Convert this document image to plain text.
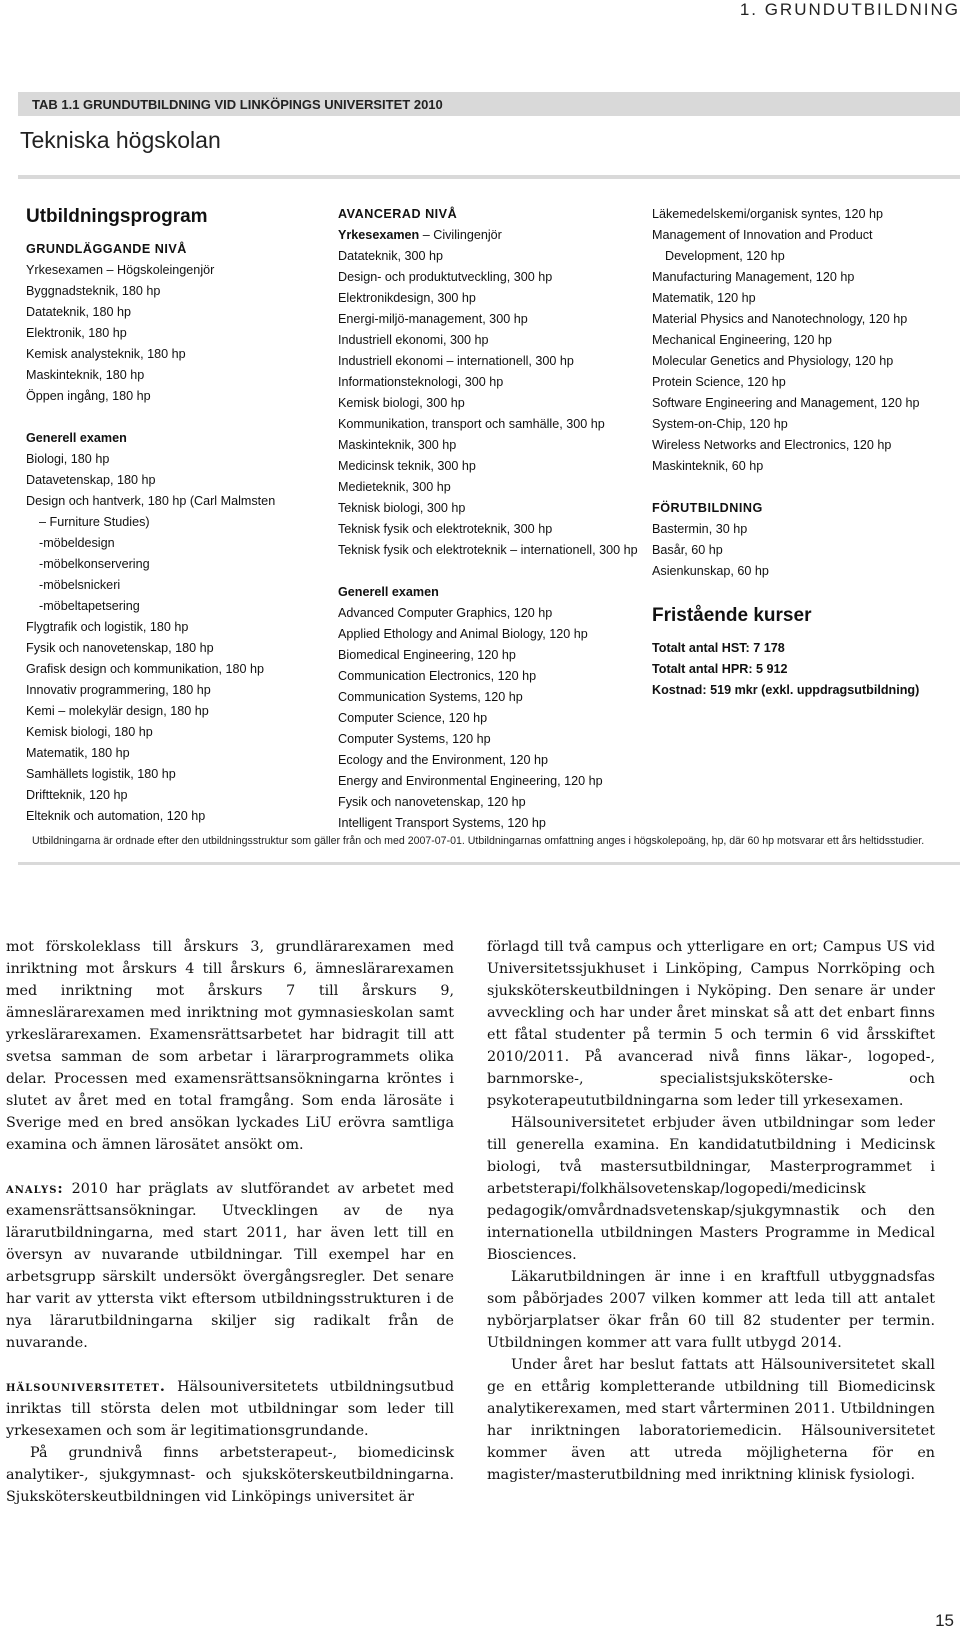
1. GRUNDUTBILDNING
TAB 1.1 GRUNDUTBILDNING VID LINKÖPINGS UNIVERSITET 2010
Tekniska högskolan
Utbildningsprogram
GRUNDLÄGGANDE NIVÅ
Yrkesexamen – Högskoleingenjör
Byggnadsteknik, 180 hp
Datateknik, 180 hp
Elektronik, 180 hp
Kemisk analysteknik, 180 hp
Maskinteknik, 180 hp
Öppen ingång, 180 hp
Generell examen
Biologi, 180 hp
Datavetenskap, 180 hp
Design och hantverk, 180 hp (Carl Malmsten
– Furniture Studies)
-möbeldesign
-möbelkonservering
-möbelsnickeri
-möbeltapetsering
Flygtrafik och logistik, 180 hp
Fysik och nanovetenskap, 180 hp
Grafisk design och kommunikation, 180 hp
Innovativ programmering, 180 hp
Kemi – molekylär design, 180 hp
Kemisk biologi, 180 hp
Matematik, 180 hp
Samhällets logistik, 180 hp
Driftteknik, 120 hp
Elteknik och automation, 120 hp
AVANCERAD NIVÅ
Yrkesexamen – Civilingenjör
Datateknik, 300 hp
Design- och produktutveckling, 300 hp
Elektronikdesign, 300 hp
Energi-miljö-management, 300 hp
Industriell ekonomi, 300 hp
Industriell ekonomi – internationell, 300 hp
Informationsteknologi, 300 hp
Kemisk biologi, 300 hp
Kommunikation, transport och samhälle, 300 hp
Maskinteknik, 300 hp
Medicinsk teknik, 300 hp
Medieteknik, 300 hp
Teknisk biologi, 300 hp
Teknisk fysik och elektroteknik, 300 hp
Teknisk fysik och elektroteknik – internationell, 300 hp
Generell examen
Advanced Computer Graphics, 120 hp
Applied Ethology and Animal Biology, 120 hp
Biomedical Engineering, 120 hp
Communication Electronics, 120 hp
Communication Systems, 120 hp
Computer Science, 120 hp
Computer Systems, 120 hp
Ecology and the Environment, 120 hp
Energy and Environmental Engineering, 120 hp
Fysik och nanovetenskap, 120 hp
Intelligent Transport Systems, 120 hp
Läkemedelskemi/organisk syntes, 120 hp
Management of Innovation and Product
Development, 120 hp
Manufacturing Management, 120 hp
Matematik, 120 hp
Material Physics and Nanotechnology, 120 hp
Mechanical Engineering, 120 hp
Molecular Genetics and Physiology, 120 hp
Protein Science, 120 hp
Software Engineering and Management, 120 hp
System-on-Chip, 120 hp
Wireless Networks and Electronics, 120 hp
Maskinteknik, 60 hp
FÖRUTBILDNING
Bastermin, 30 hp
Basår, 60 hp
Asienkunskap, 60 hp
Fristående kurser
Totalt antal HST: 7 178
Totalt antal HPR: 5 912
Kostnad: 519 mkr (exkl. uppdragsutbildning)
Utbildningarna är ordnade efter den utbildningsstruktur som gäller från och med 2007-07-01. Utbildningarnas omfattning anges i högskolepoäng, hp, där 60 hp motsvarar ett års heltidsstudier.

mot förskoleklass till årskurs 3, grundlärarexamen med inriktning mot årskurs 4 till årskurs 6, ämneslärarexamen med inriktning mot årskurs 7 till årskurs 9, ämneslärarexamen med inriktning mot gymnasieskolan samt yrkeslärarexamen. Examensrättsarbetet har bidragit till att svetsa samman de som arbetar i lärarprogrammets olika delar. Processen med examensrättsansökningarna kröntes i slutet av året med en total framgång. Som enda lärosäte i Sverige med en bred ansökan lyckades LiU erövra samtliga examina och ämnen lärosätet ansökt om.

analys: 2010 har präglats av slutförandet av arbetet med examensrättsansökningar. Utvecklingen av de nya lärarutbildningarna, med start 2011, har även lett till en översyn av nuvarande utbildningar. Till exempel har en arbetsgrupp särskilt undersökt övergångsregler. Det senare har varit av yttersta vikt eftersom utbildningsstrukturen i de nya lärarutbildningarna skiljer sig radikalt från de nuvarande.

hälsouniversitetet. Hälsouniversitetets utbildningsutbud inriktas till största delen mot utbildningar som leder till yrkesexamen och som är legitimationsgrundande.

På grundnivå finns arbetsterapeut-, biomedicinsk analytiker-, sjukgymnast- och sjuksköterskeutbildningarna. Sjuksköterskeutbildningen vid Linköpings universitet är

förlagd till två campus och ytterligare en ort; Campus US vid Universitetssjukhuset i Linköping, Campus Norrköping och sjuksköterskeutbildningen i Nyköping. Den senare är under avveckling och har under året minskat så att det enbart finns ett fåtal studenter på termin 5 och termin 6 vid årsskiftet 2010/2011. På avancerad nivå finns läkar-, logoped-, barnmorske-, specialistsjuksköterske- och psykoterapeututbildningarna som leder till yrkesexamen.

Hälsouniversitetet erbjuder även utbildningar som leder till generella examina. En kandidatutbildning i Medicinsk biologi, två mastersutbildningar, Masterprogrammet i arbetsterapi/folkhälsovetenskap/logopedi/medicinsk pedagogik/omvårdnadsvetenskap/sjukgymnastik och den internationella utbildningen Masters Programme in Medical Biosciences.

Läkarutbildningen är inne i en kraftfull utbyggnadsfas som påbörjades 2007 vilken kommer att leda till att antalet nybörjarplatser ökar från 60 till 82 studenter per termin. Utbildningen kommer att vara fullt utbygd 2014.

Under året har beslut fattats att Hälsouniversitetet skall ge en ettårig kompletterande utbildning till Biomedicinsk analytikerexamen, med start vårterminen 2011. Utbildningen har inriktningen laboratoriemedicin. Hälsouniversitetet kommer även att utreda möjligheterna för en magister/masterutbildning med inriktning klinisk fysiologi.

15
